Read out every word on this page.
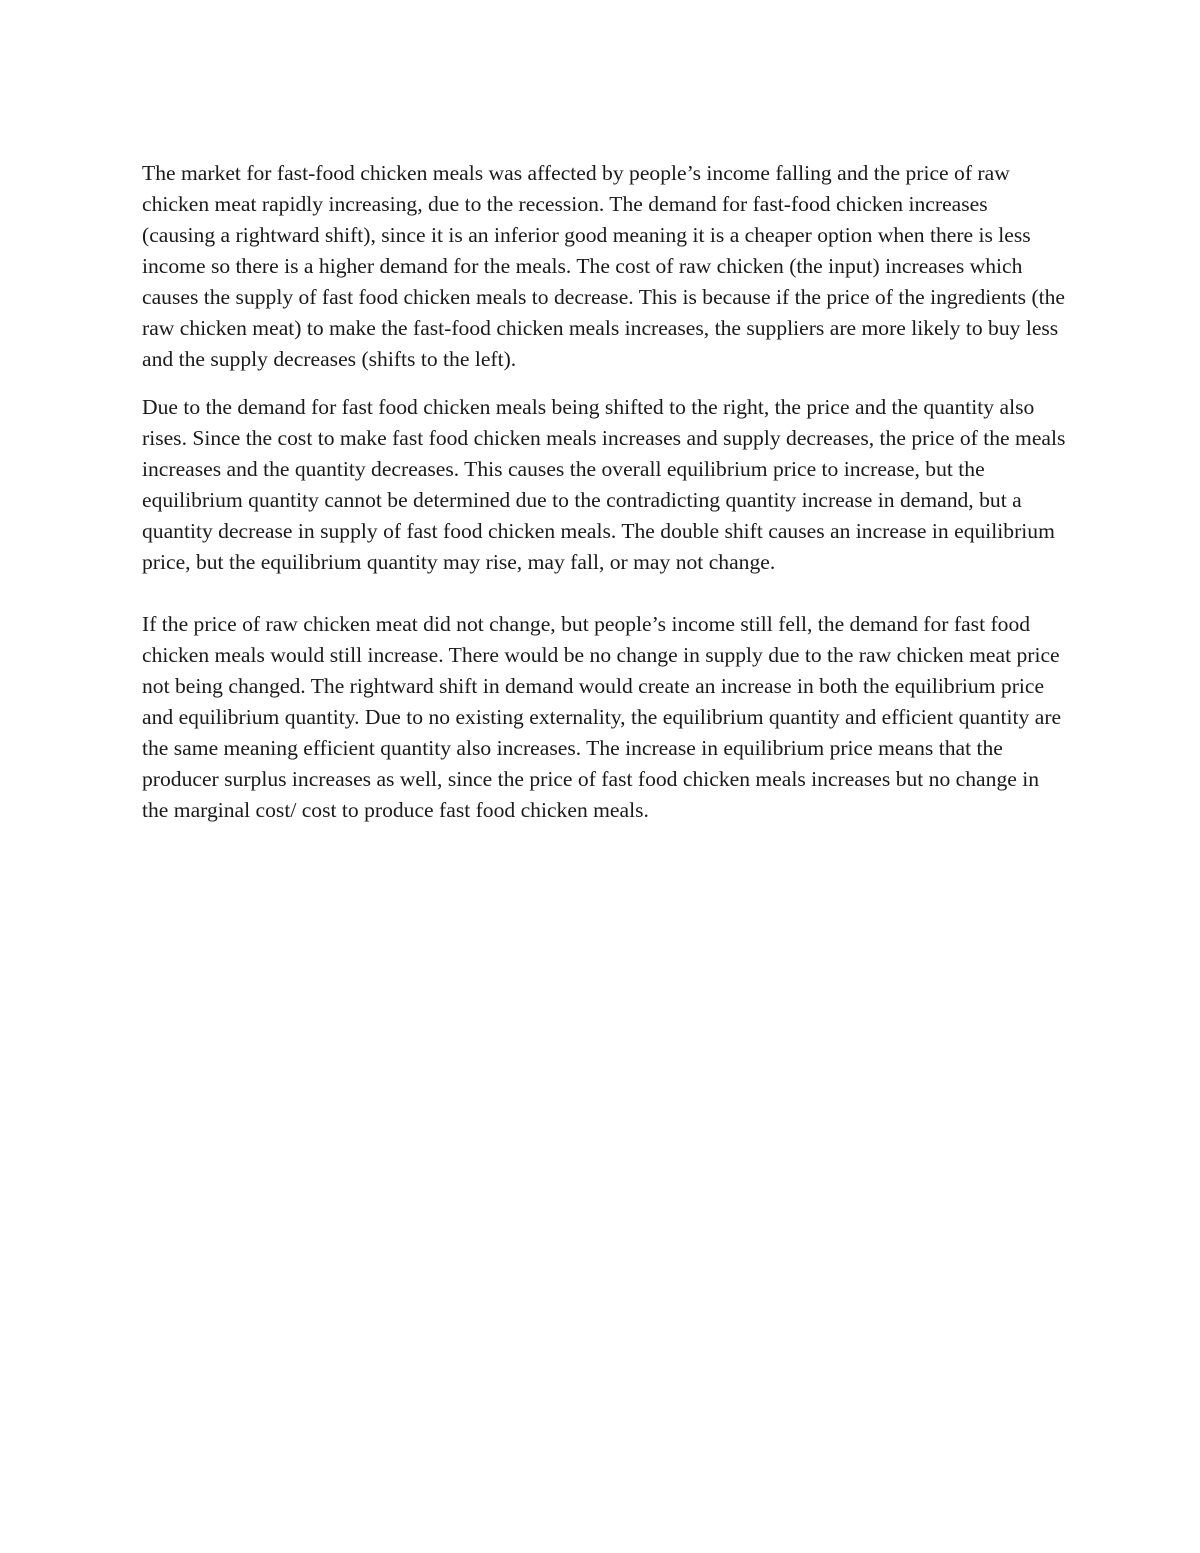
The market for fast-food chicken meals was affected by people’s income falling and the price of raw chicken meat rapidly increasing, due to the recession. The demand for fast-food chicken increases (causing a rightward shift), since it is an inferior good meaning it is a cheaper option when there is less income so there is a higher demand for the meals. The cost of raw chicken (the input) increases which causes the supply of fast food chicken meals to decrease. This is because if the price of the ingredients (the raw chicken meat) to make the fast-food chicken meals increases, the suppliers are more likely to buy less and the supply decreases (shifts to the left).

Due to the demand for fast food chicken meals being shifted to the right, the price and the quantity also rises. Since the cost to make fast food chicken meals increases and supply decreases, the price of the meals increases and the quantity decreases. This causes the overall equilibrium price to increase, but the equilibrium quantity cannot be determined due to the contradicting quantity increase in demand, but a quantity decrease in supply of fast food chicken meals. The double shift causes an increase in equilibrium price, but the equilibrium quantity may rise, may fall, or may not change.

If the price of raw chicken meat did not change, but people’s income still fell, the demand for fast food chicken meals would still increase. There would be no change in supply due to the raw chicken meat price not being changed. The rightward shift in demand would create an increase in both the equilibrium price and equilibrium quantity. Due to no existing externality, the equilibrium quantity and efficient quantity are the same meaning efficient quantity also increases. The increase in equilibrium price means that the producer surplus increases as well, since the price of fast food chicken meals increases but no change in the marginal cost/ cost to produce fast food chicken meals.
